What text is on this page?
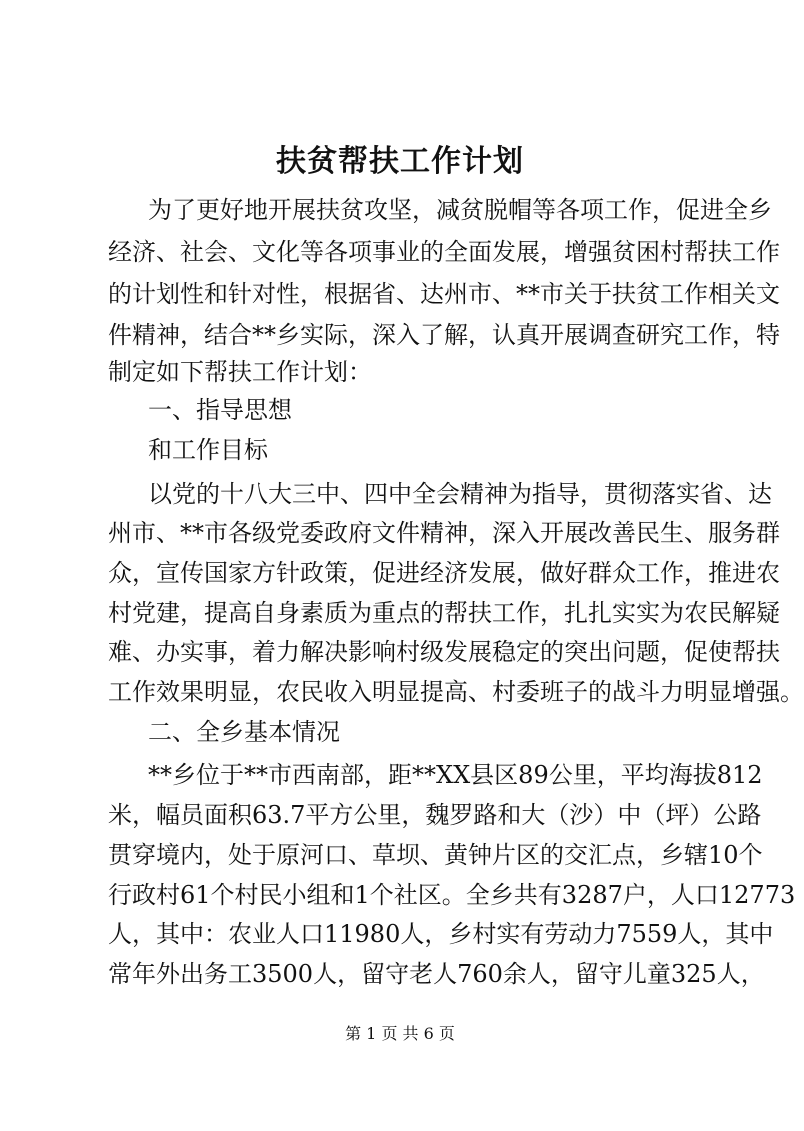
扶贫帮扶工作计划
为了更好地开展扶贫攻坚，减贫脱帽等各项工作，促进全乡
经济、社会、文化等各项事业的全面发展，增强贫困村帮扶工作
的计划性和针对性，根据省、达州市、**市关于扶贫工作相关文
件精神，结合**乡实际，深入了解，认真开展调查研究工作，特
制定如下帮扶工作计划：
一、指导思想
和工作目标
以党的十八大三中、四中全会精神为指导，贯彻落实省、达
州市、**市各级党委政府文件精神，深入开展改善民生、服务群
众，宣传国家方针政策，促进经济发展，做好群众工作，推进农
村党建，提高自身素质为重点的帮扶工作，扎扎实实为农民解疑
难、办实事，着力解决影响村级发展稳定的突出问题，促使帮扶
工作效果明显，农民收入明显提高、村委班子的战斗力明显增强。
二、全乡基本情况
**乡位于**市西南部，距**XX县区89公里，平均海拔812
米，幅员面积63.7平方公里，魏罗路和大（沙）中（坪）公路
贯穿境内，处于原河口、草坝、黄钟片区的交汇点，乡辖10个
行政村61个村民小组和1个社区。全乡共有3287户，人口12773
人，其中：农业人口11980人，乡村实有劳动力7559人，其中
常年外出务工3500人，留守老人760余人，留守儿童325人，
第 1 页 共 6 页
